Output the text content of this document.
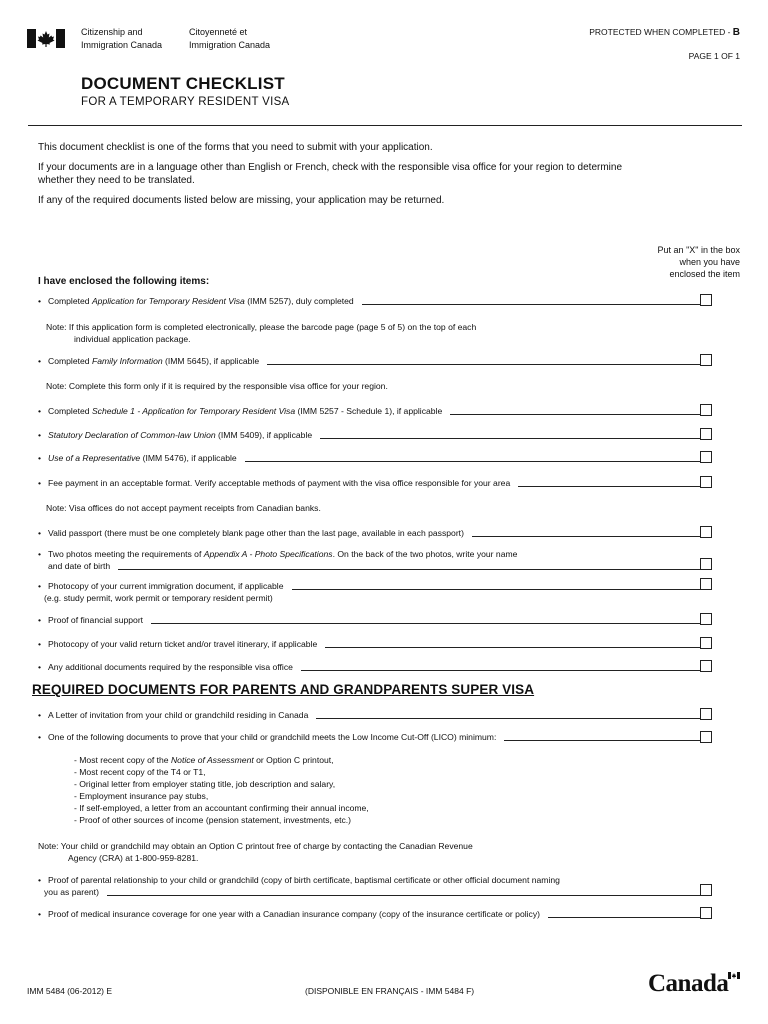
Citizenship and
Immigration Canada
Citoyenneté et
Immigration Canada
PROTECTED WHEN COMPLETED - B
PAGE 1 OF 1
DOCUMENT CHECKLIST
FOR A TEMPORARY RESIDENT VISA
This document checklist is one of the forms that you need to submit with your application.
If your documents are in a language other than English or French, check with the responsible visa office for your region to determine
whether they need to be translated.
If any of the required documents listed below are missing, your application may be returned.
Put an "X" in the box
when you have
enclosed the item
I have enclosed the following items:
• Completed Application for Temporary Resident Visa (IMM 5257), duly completed
Note: If this application form is completed electronically, please the barcode page (page 5 of 5) on the top of each
individual application package.
• Completed Family Information (IMM 5645), if applicable
Note: Complete this form only if it is required by the responsible visa office for your region.
• Completed Schedule 1 - Application for Temporary Resident Visa (IMM 5257 - Schedule 1), if applicable
• Statutory Declaration of Common-law Union (IMM 5409), if applicable
• Use of a Representative (IMM 5476), if applicable
• Fee payment in an acceptable format. Verify acceptable methods of payment with the visa office responsible for your area
Note: Visa offices do not accept payment receipts from Canadian banks.
• Valid passport (there must be one completely blank page other than the last page, available in each passport)
• Two photos meeting the requirements of Appendix A - Photo Specifications. On the back of the two photos, write your name
and date of birth
• Photocopy of your current immigration document, if applicable
(e.g. study permit, work permit or temporary resident permit)
• Proof of financial support
• Photocopy of your valid return ticket and/or travel itinerary, if applicable
• Any additional documents required by the responsible visa office
REQUIRED DOCUMENTS FOR PARENTS AND GRANDPARENTS SUPER VISA
• A Letter of invitation from your child or grandchild residing in Canada
• One of the following documents to prove that your child or grandchild meets the Low Income Cut-Off (LICO) minimum:
- Most recent copy of the Notice of Assessment or Option C printout,
- Most recent copy of the T4 or T1,
- Original letter from employer stating title, job description and salary,
- Employment insurance pay stubs,
- If self-employed, a letter from an accountant confirming their annual income,
- Proof of other sources of income (pension statement, investments, etc.)
Note: Your child or grandchild may obtain an Option C printout free of charge by contacting the Canadian Revenue
Agency (CRA) at 1-800-959-8281.
• Proof of parental relationship to your child or grandchild (copy of birth certificate, baptismal certificate or other official document naming
you as parent)
• Proof of medical insurance coverage for one year with a Canadian insurance company (copy of the insurance certificate or policy)
IMM 5484 (06-2012) E	(DISPONIBLE EN FRANÇAIS - IMM 5484 F)	Canada
